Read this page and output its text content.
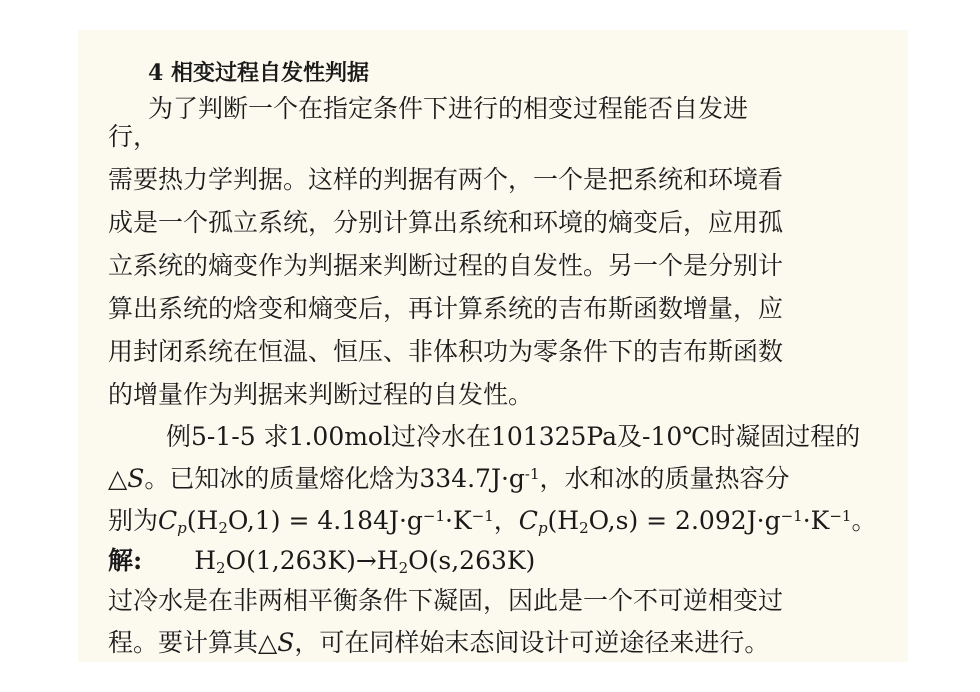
4 相变过程自发性判据
为了判断一个在指定条件下进行的相变过程能否自发进
行，
需要热力学判据。这样的判据有两个，一个是把系统和环境看
成是一个孤立系统，分别计算出系统和环境的熵变后，应用孤
立系统的熵变作为判据来判断过程的自发性。另一个是分别计
算出系统的焓变和熵变后，再计算系统的吉布斯函数增量，应
用封闭系统在恒温、恒压、非体积功为零条件下的吉布斯函数
的增量作为判据来判断过程的自发性。
例5-1-5 求1.00mol过冷水在101325Pa及-10℃时凝固过程的
△S。已知冰的质量熔化焓为$334.7J\cdot g^{-1}$，水和冰的质量热容分
别为$C_p(H_2O,1) = 4.184J\cdot g^{-1}\cdot K^{-1}$，$C_p(H_2O,s) = 2.092J\cdot g^{-1}\cdot K^{-1}$。
解: $H_2O(1,263K)\to H_2O(s,263K)$
过冷水是在非两相平衡条件下凝固，因此是一个不可逆相变过
程。要计算其△S，可在同样始末态间设计可逆途径来进行。
